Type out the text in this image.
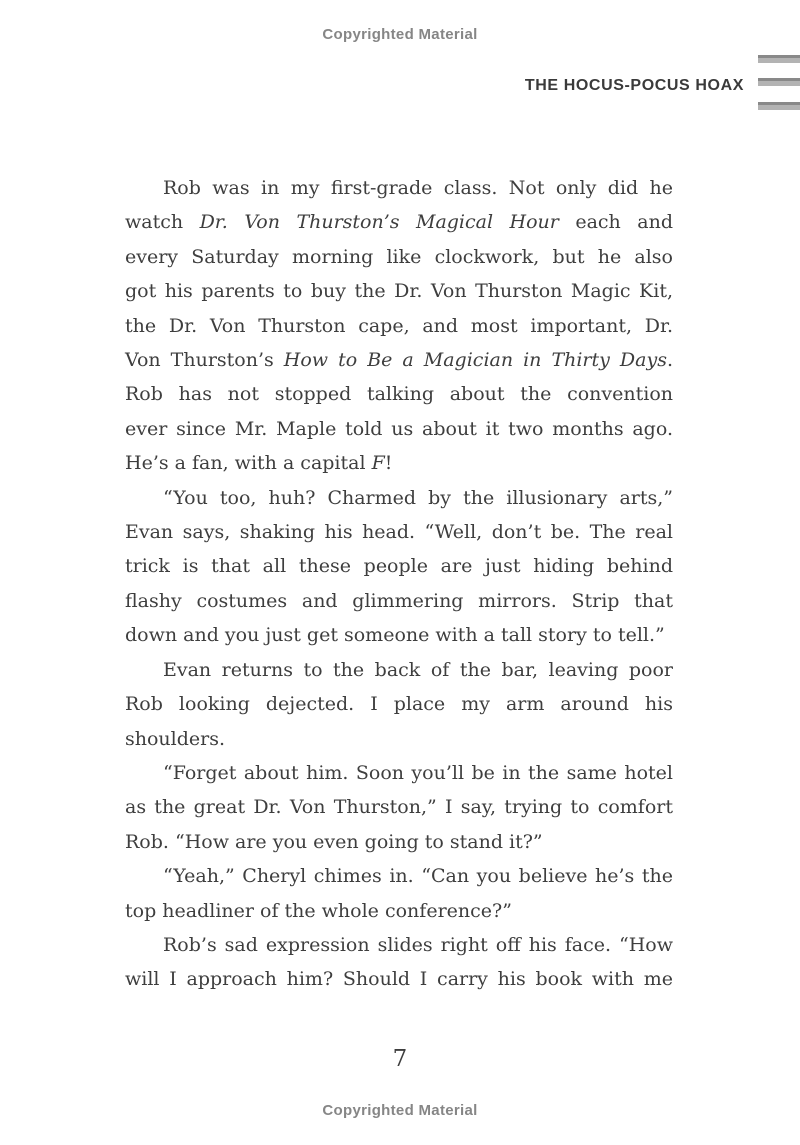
Copyrighted Material
THE HOCUS-POCUS HOAX
Rob was in my first-grade class. Not only did he
watch Dr. Von Thurston’s Magical Hour each and
every Saturday morning like clockwork, but he also
got his parents to buy the Dr. Von Thurston Magic Kit,
the Dr. Von Thurston cape, and most important, Dr.
Von Thurston’s How to Be a Magician in Thirty Days.
Rob has not stopped talking about the convention
ever since Mr. Maple told us about it two months ago.
He’s a fan, with a capital F!
“You too, huh? Charmed by the illusionary arts,”
Evan says, shaking his head. “Well, don’t be. The real
trick is that all these people are just hiding behind
flashy costumes and glimmering mirrors. Strip that
down and you just get someone with a tall story to tell.”
Evan returns to the back of the bar, leaving poor
Rob looking dejected. I place my arm around his
shoulders.
“Forget about him. Soon you’ll be in the same hotel
as the great Dr. Von Thurston,” I say, trying to comfort
Rob. “How are you even going to stand it?”
“Yeah,” Cheryl chimes in. “Can you believe he’s the
top headliner of the whole conference?”
Rob’s sad expression slides right off his face. “How
will I approach him? Should I carry his book with me
7
Copyrighted Material
